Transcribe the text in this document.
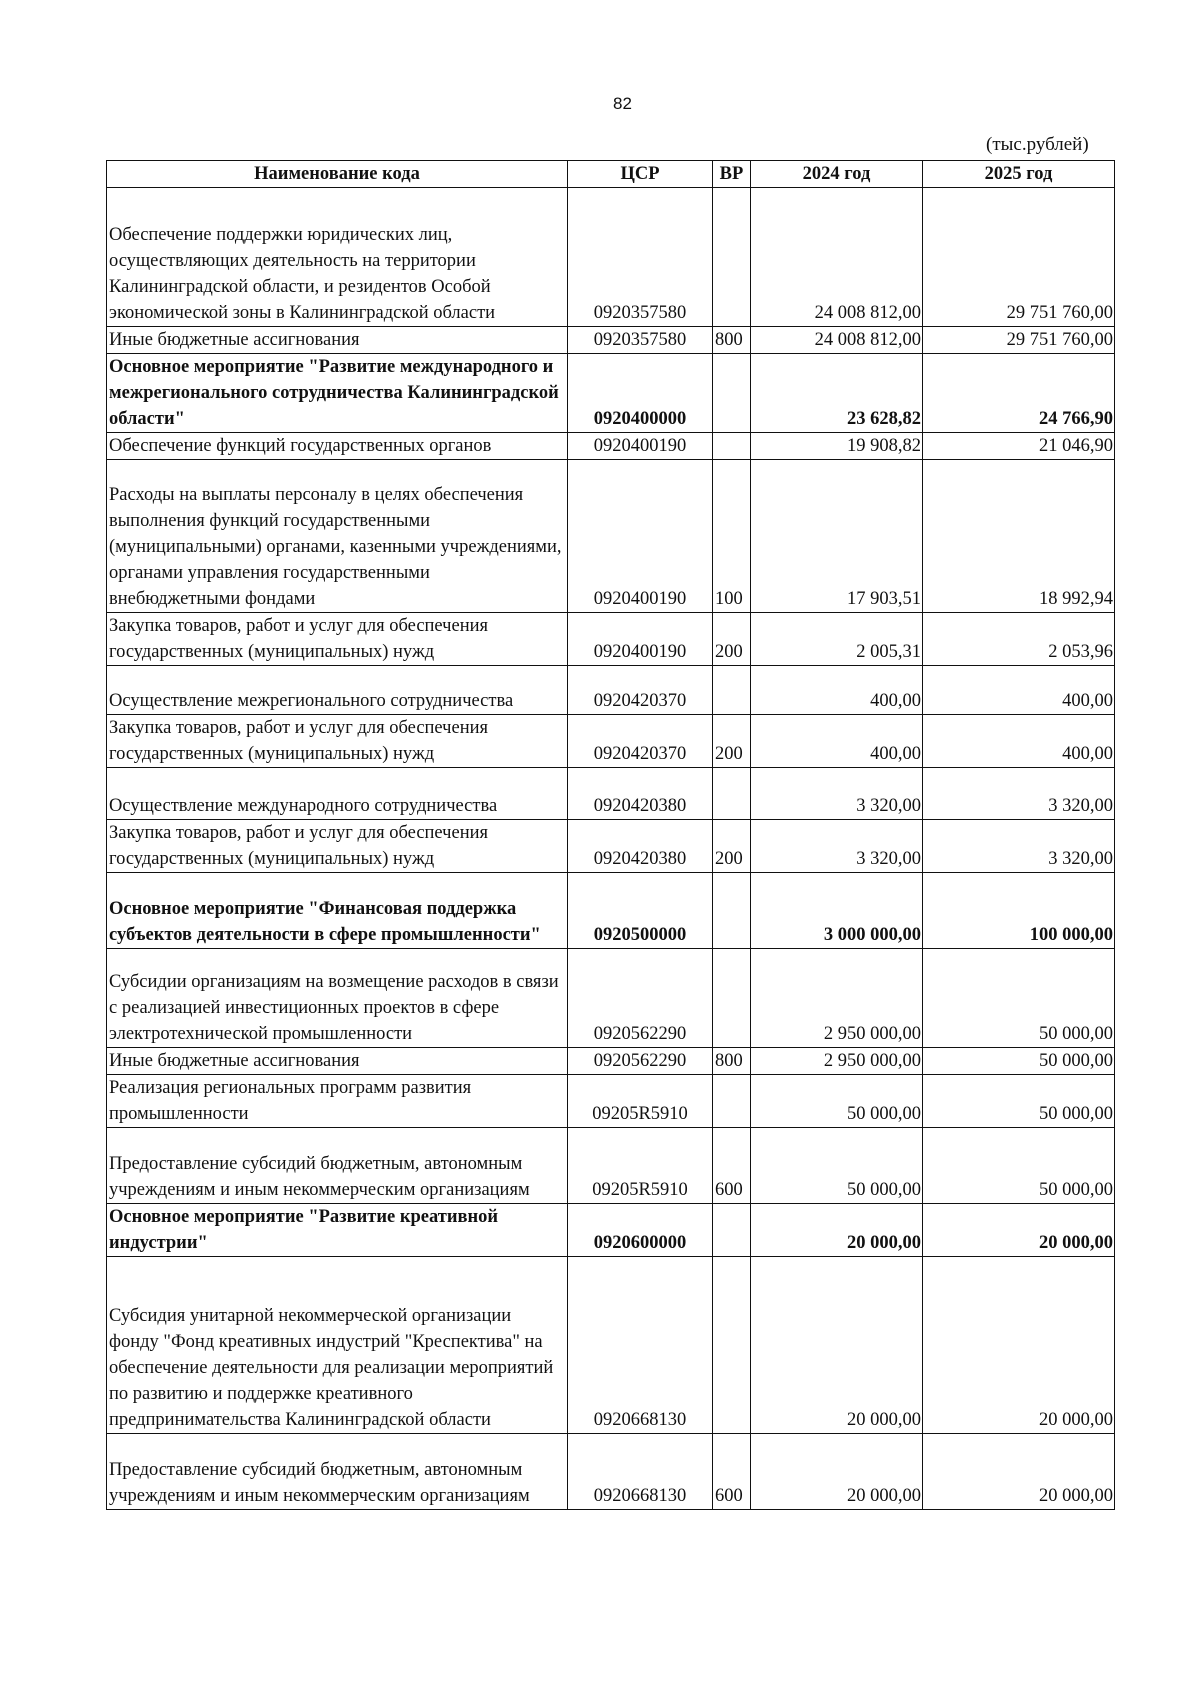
82
(тыс.рублей)
Наименование кода	ЦСР	ВР	2024 год	2025 год
Обеспечение поддержки юридических лиц, осуществляющих деятельность на территории Калининградской области, и резидентов Особой экономической зоны в Калининградской области	0920357580		24 008 812,00	29 751 760,00
Иные бюджетные ассигнования	0920357580	800	24 008 812,00	29 751 760,00
Основное мероприятие "Развитие международного и межрегионального сотрудничества Калининградской области"	0920400000		23 628,82	24 766,90
Обеспечение функций государственных органов	0920400190		19 908,82	21 046,90
Расходы на выплаты персоналу в целях обеспечения выполнения функций государственными (муниципальными) органами, казенными учреждениями, органами управления государственными внебюджетными фондами	0920400190	100	17 903,51	18 992,94
Закупка товаров, работ и услуг для обеспечения государственных (муниципальных) нужд	0920400190	200	2 005,31	2 053,96
Осуществление межрегионального сотрудничества	0920420370		400,00	400,00
Закупка товаров, работ и услуг для обеспечения государственных (муниципальных) нужд	0920420370	200	400,00	400,00
Осуществление международного сотрудничества	0920420380		3 320,00	3 320,00
Закупка товаров, работ и услуг для обеспечения государственных (муниципальных) нужд	0920420380	200	3 320,00	3 320,00
Основное мероприятие "Финансовая поддержка субъектов деятельности в сфере промышленности"	0920500000		3 000 000,00	100 000,00
Субсидии организациям на возмещение расходов в связи с реализацией инвестиционных проектов в сфере электротехнической промышленности	0920562290		2 950 000,00	50 000,00
Иные бюджетные ассигнования	0920562290	800	2 950 000,00	50 000,00
Реализация региональных программ развития промышленности	09205R5910		50 000,00	50 000,00
Предоставление субсидий бюджетным, автономным учреждениям и иным некоммерческим организациям	09205R5910	600	50 000,00	50 000,00
Основное мероприятие "Развитие креативной индустрии"	0920600000		20 000,00	20 000,00
Субсидия унитарной некоммерческой организации фонду "Фонд креативных индустрий "Креспектива" на обеспечение деятельности для реализации мероприятий по развитию и поддержке креативного предпринимательства Калининградской области	0920668130		20 000,00	20 000,00
Предоставление субсидий бюджетным, автономным учреждениям и иным некоммерческим организациям	0920668130	600	20 000,00	20 000,00
